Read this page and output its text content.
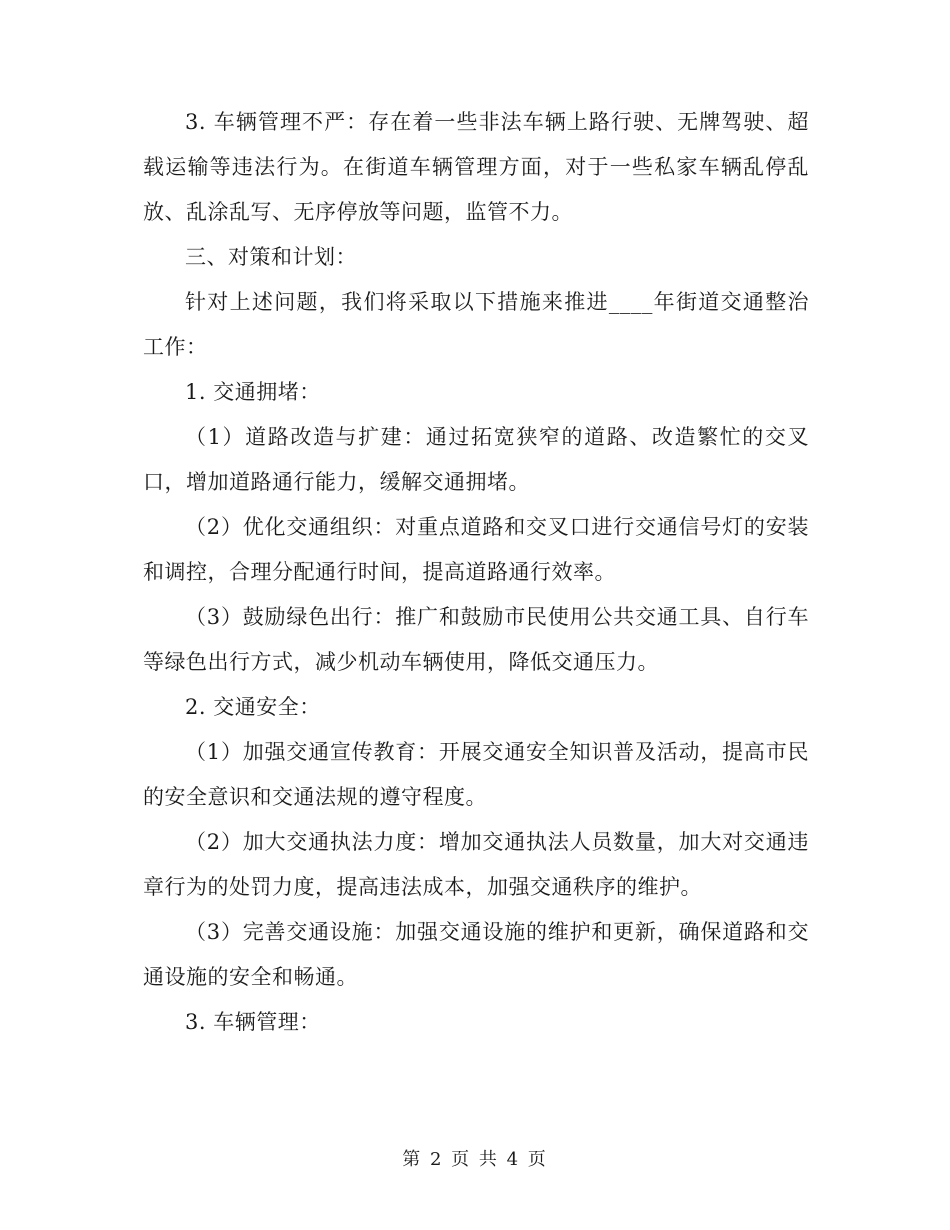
3. 车辆管理不严：存在着一些非法车辆上路行驶、无牌驾驶、超载运输等违法行为。在街道车辆管理方面，对于一些私家车辆乱停乱放、乱涂乱写、无序停放等问题，监管不力。

三、对策和计划：

针对上述问题，我们将采取以下措施来推进____年街道交通整治工作：

1. 交通拥堵：

（1）道路改造与扩建：通过拓宽狭窄的道路、改造繁忙的交叉口，增加道路通行能力，缓解交通拥堵。

（2）优化交通组织：对重点道路和交叉口进行交通信号灯的安装和调控，合理分配通行时间，提高道路通行效率。

（3）鼓励绿色出行：推广和鼓励市民使用公共交通工具、自行车等绿色出行方式，减少机动车辆使用，降低交通压力。

2. 交通安全：

（1）加强交通宣传教育：开展交通安全知识普及活动，提高市民的安全意识和交通法规的遵守程度。

（2）加大交通执法力度：增加交通执法人员数量，加大对交通违章行为的处罚力度，提高违法成本，加强交通秩序的维护。

（3）完善交通设施：加强交通设施的维护和更新，确保道路和交通设施的安全和畅通。

3. 车辆管理：

第 2 页 共 4 页
